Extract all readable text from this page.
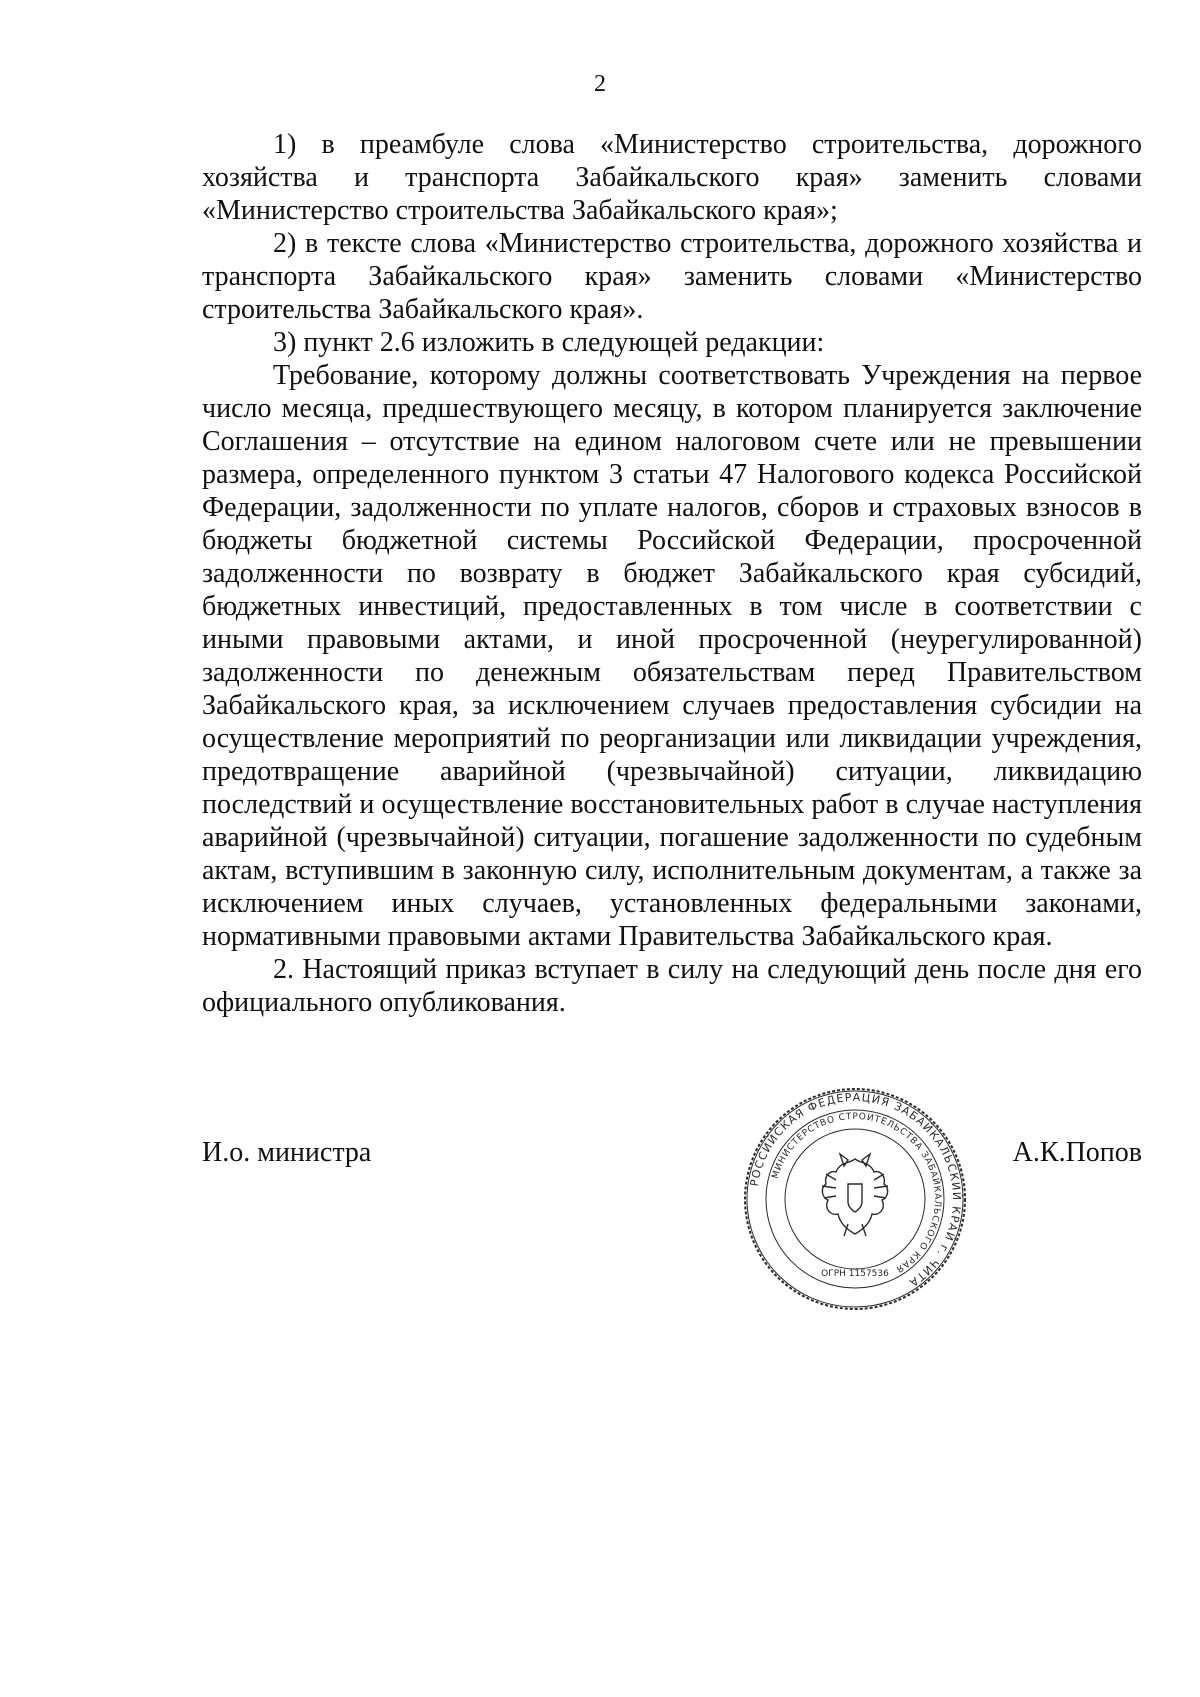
2

1) в преамбуле слова «Министерство строительства, дорожного хозяйства и транспорта Забайкальского края» заменить словами «Министерство строительства Забайкальского края»;

2) в тексте слова «Министерство строительства, дорожного хозяйства и транспорта Забайкальского края» заменить словами «Министерство строительства Забайкальского края».

3) пункт 2.6 изложить в следующей редакции:

Требование, которому должны соответствовать Учреждения на первое число месяца, предшествующего месяцу, в котором планируется заключение Соглашения – отсутствие на едином налоговом счете или не превышении размера, определенного пунктом 3 статьи 47 Налогового кодекса Российской Федерации, задолженности по уплате налогов, сборов и страховых взносов в бюджеты бюджетной системы Российской Федерации, просроченной задолженности по возврату в бюджет Забайкальского края субсидий, бюджетных инвестиций, предоставленных в том числе в соответствии с иными правовыми актами, и иной просроченной (неурегулированной) задолженности по денежным обязательствам перед Правительством Забайкальского края, за исключением случаев предоставления субсидии на осуществление мероприятий по реорганизации или ликвидации учреждения, предотвращение аварийной (чрезвычайной) ситуации, ликвидацию последствий и осуществление восстановительных работ в случае наступления аварийной (чрезвычайной) ситуации, погашение задолженности по судебным актам, вступившим в законную силу, исполнительным документам, а также за исключением иных случаев, установленных федеральными законами, нормативными правовыми актами Правительства Забайкальского края.

2. Настоящий приказ вступает в силу на следующий день после дня его официального опубликования.

И.о. министра
РОССИЙСКАЯ ФЕДЕРАЦИЯ ЗАБАЙКАЛЬСКИЙ КРАЙ г. ЧИТА
МИНИСТЕРСТВО СТРОИТЕЛЬСТВА ЗАБАЙКАЛЬСКОГО КРАЯ
ОГРН 1157536
А.К.Попов
